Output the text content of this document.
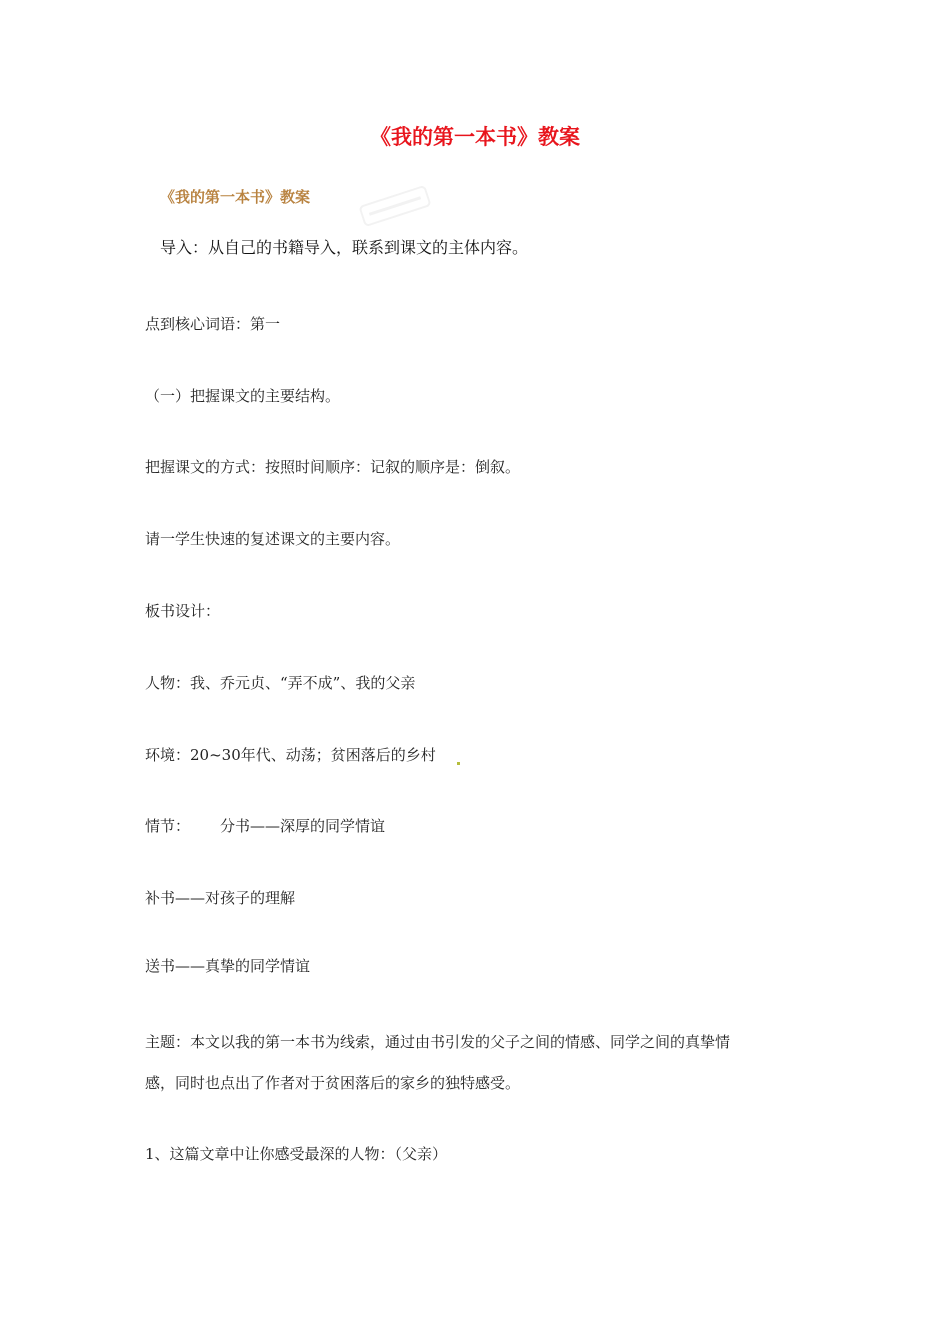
《我的第一本书》教案
《我的第一本书》教案
导入：从自己的书籍导入，联系到课文的主体内容。
点到核心词语：第一
（一）把握课文的主要结构。
把握课文的方式：按照时间顺序：记叙的顺序是：倒叙。
请一学生快速的复述课文的主要内容。
板书设计：
人物：我、乔元贞、“弄不成”、我的父亲
环境：20~30年代、动荡；贫困落后的乡村
情节： 分书——深厚的同学情谊
补书——对孩子的理解
送书——真挚的同学情谊
主题：本文以我的第一本书为线索，通过由书引发的父子之间的情感、同学之间的真挚情
感，同时也点出了作者对于贫困落后的家乡的独特感受。
1、这篇文章中让你感受最深的人物：（父亲）
